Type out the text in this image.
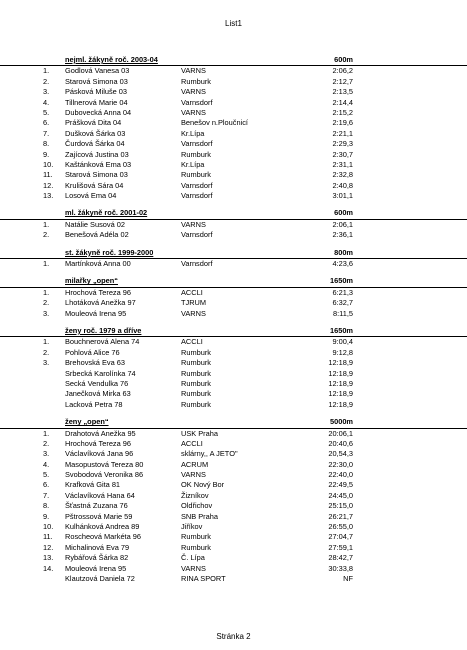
List1
nejml. žákyně roč. 2003-04	600m
1. Godlová Vanesa 03	VARNS	2:06,2
2. Starová Simona 03	Rumburk	2:12,7
3. Pásková Miluše 03	VARNS	2:13,5
4. Tillnerová Marie 04	Varnsdorf	2:14,4
5. Dubovecká Anna 04	VARNS	2:15,2
6. Prášková Dita 04	Benešov n.Ploučnicí	2:19,6
7. Dušková Šárka 03	Kr.Lípa	2:21,1
8. Čurdová Šárka 04	Varnsdorf	2:29,3
9. Zajícová Justina 03	Rumburk	2:30,7
10. Kaštánková Ema 03	Kr.Lípa	2:31,1
11. Starová Simona 03	Rumburk	2:32,8
12. Krulišová Sára 04	Varnsdorf	2:40,8
13. Losová Ema 04	Varnsdorf	3:01,1
ml. žákyně roč. 2001-02	600m
1. Natálie Susová 02	VARNS	2:06,1
2. Benešová Adéla 02	Varnsdorf	2:36,1
st. žákyně roč. 1999-2000	800m
1. Martínková Anna 00	Varnsdorf	4:23,6
milařky „open“	1650m
1. Hrochová Tereza 96	ACCLI	6:21,3
2. Lhotáková Anežka 97	TJRUM	6:32,7
3. Mouleová Irena 95	VARNS	8:11,5
ženy roč. 1979 a dříve	1650m
1. Bouchnerová Alena 74	ACCLI	9:00,4
2. Pohlová Alice 76	Rumburk	9:12,8
3. Brehovská Eva 63	Rumburk	12:18,9
Srbecká Karolínka 74	Rumburk	12:18,9
Secká Vendulka 76	Rumburk	12:18,9
Janečková Mirka 63	Rumburk	12:18,9
Lacková Petra 78	Rumburk	12:18,9
ženy „open“	5000m
1. Drahotová Anežka 95	USK Praha	20:06,1
2. Hrochová Tereza 96	ACCLI	20:40,6
3. Václavíková Jana 96	sklárny,, A JETO"	20,54,3
4. Masopustová Tereza 80	ACRUM	22:30,0
5. Svobodová Veronika 86	VARNS	22:40,0
6. Krafková Gita 81	OK Nový Bor	22:49,5
7. Václavíková Hana 64	Žizníkov	24:45,0
8. Šťastná Zuzana 76	Oldřichov	25:15,0
9. Pštrossová Marie 59	SNB Praha	26:21,7
10. Kulhánková Andrea 89	Jiříkov	26:55,0
11. Roscheová Markéta 96	Rumburk	27:04,7
12. Michalinová Eva 79	Rumburk	27:59,1
13. Rybářová Šárka 82	Č. Lípa	28:42,7
14. Mouleová Irena 95	VARNS	30:33,8
Klautzová Daniela 72	RINA SPORT	NF
Stránka 2
